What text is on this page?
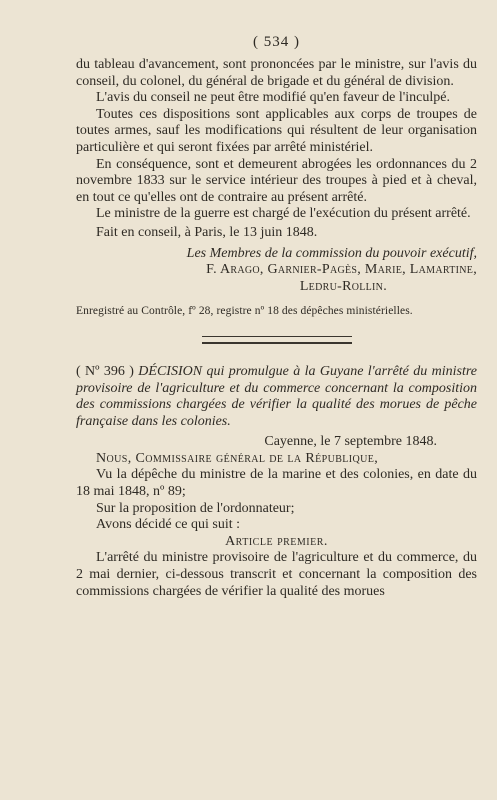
( 534 )

du tableau d'avancement, sont prononcées par le ministre, sur l'avis du conseil, du colonel, du général de brigade et du général de division.

L'avis du conseil ne peut être modifié qu'en faveur de l'inculpé.

Toutes ces dispositions sont applicables aux corps de troupes de toutes armes, sauf les modifications qui résultent de leur organisation particulière et qui seront fixées par arrêté ministériel.

En conséquence, sont et demeurent abrogées les ordonnances du 2 novembre 1833 sur le service intérieur des troupes à pied et à cheval, en tout ce qu'elles ont de contraire au présent arrêté.

Le ministre de la guerre est chargé de l'exécution du présent arrêté.

Fait en conseil, à Paris, le 13 juin 1848.

Les Membres de la commission du pouvoir exécutif,

F. Arago, Garnier-Pagès, Marie, Lamartine,

Ledru-Rollin.

Enregistré au Contrôle, fº 28, registre nº 18 des dépêches ministérielles.

( Nº 396 ) DÉCISION qui promulgue à la Guyane l'arrêté du ministre provisoire de l'agriculture et du commerce concernant la composition des commissions chargées de vérifier la qualité des morues de pêche française dans les colonies.

Cayenne, le 7 septembre 1848.

Nous, Commissaire général de la République,

Vu la dépêche du ministre de la marine et des colonies, en date du 18 mai 1848, nº 89;

Sur la proposition de l'ordonnateur;

Avons décidé ce qui suit :

Article premier.

L'arrêté du ministre provisoire de l'agriculture et du commerce, du 2 mai dernier, ci-dessous transcrit et concernant la composition des commissions chargées de vérifier la qualité des morues
